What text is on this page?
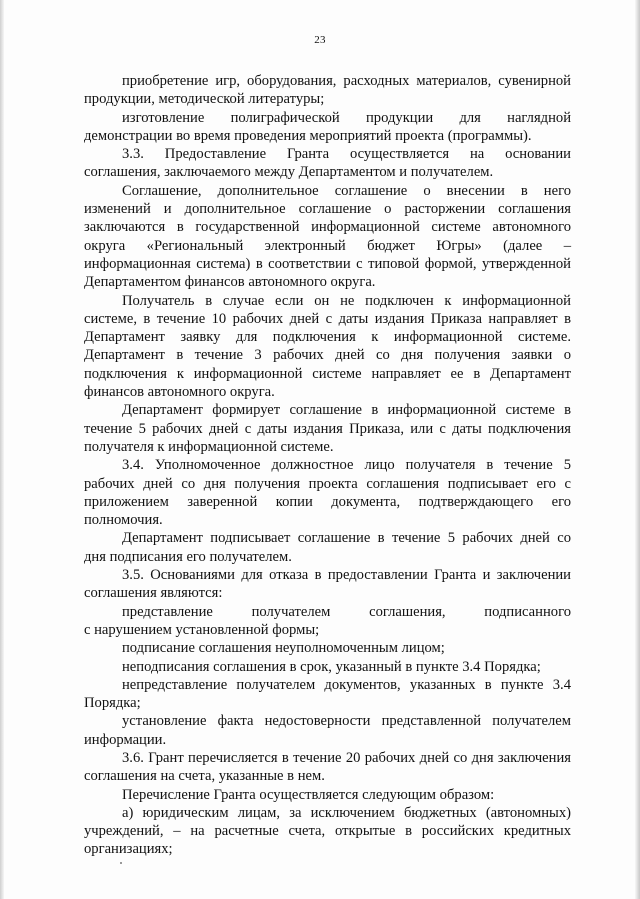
23
приобретение игр, оборудования, расходных материалов, сувенирной
продукции, методической литературы;
изготовление полиграфической продукции для наглядной
демонстрации во время проведения мероприятий проекта (программы).
3.3. Предоставление Гранта осуществляется на основании
соглашения, заключаемого между Департаментом и получателем.
Соглашение, дополнительное соглашение о внесении в него
изменений и дополнительное соглашение о расторжении соглашения
заключаются в государственной информационной системе автономного
округа «Региональный электронный бюджет Югры» (далее –
информационная система) в соответствии с типовой формой, утвержденной
Департаментом финансов автономного округа.
Получатель в случае если он не подключен к информационной
системе, в течение 10 рабочих дней с даты издания Приказа направляет в
Департамент заявку для подключения к информационной системе.
Департамент в течение 3 рабочих дней со дня получения заявки о
подключения к информационной системе направляет ее в Департамент
финансов автономного округа.
Департамент формирует соглашение в информационной системе в
течение 5 рабочих дней с даты издания Приказа, или с даты подключения
получателя к информационной системе.
3.4. Уполномоченное должностное лицо получателя в течение 5
рабочих дней со дня получения проекта соглашения подписывает его с
приложением заверенной копии документа, подтверждающего его
полномочия.
Департамент подписывает соглашение в течение 5 рабочих дней со
дня подписания его получателем.
3.5. Основаниями для отказа в предоставлении Гранта и заключении
соглашения являются:
представление получателем соглашения, подписанного
с нарушением установленной формы;
подписание соглашения неуполномоченным лицом;
неподписания соглашения в срок, указанный в пункте 3.4 Порядка;
непредставление получателем документов, указанных в пункте 3.4
Порядка;
установление факта недостоверности представленной получателем
информации.
3.6. Грант перечисляется в течение 20 рабочих дней со дня заключения
соглашения на счета, указанные в нем.
Перечисление Гранта осуществляется следующим образом:
а) юридическим лицам, за исключением бюджетных (автономных)
учреждений, – на расчетные счета, открытые в российских кредитных
организациях;
